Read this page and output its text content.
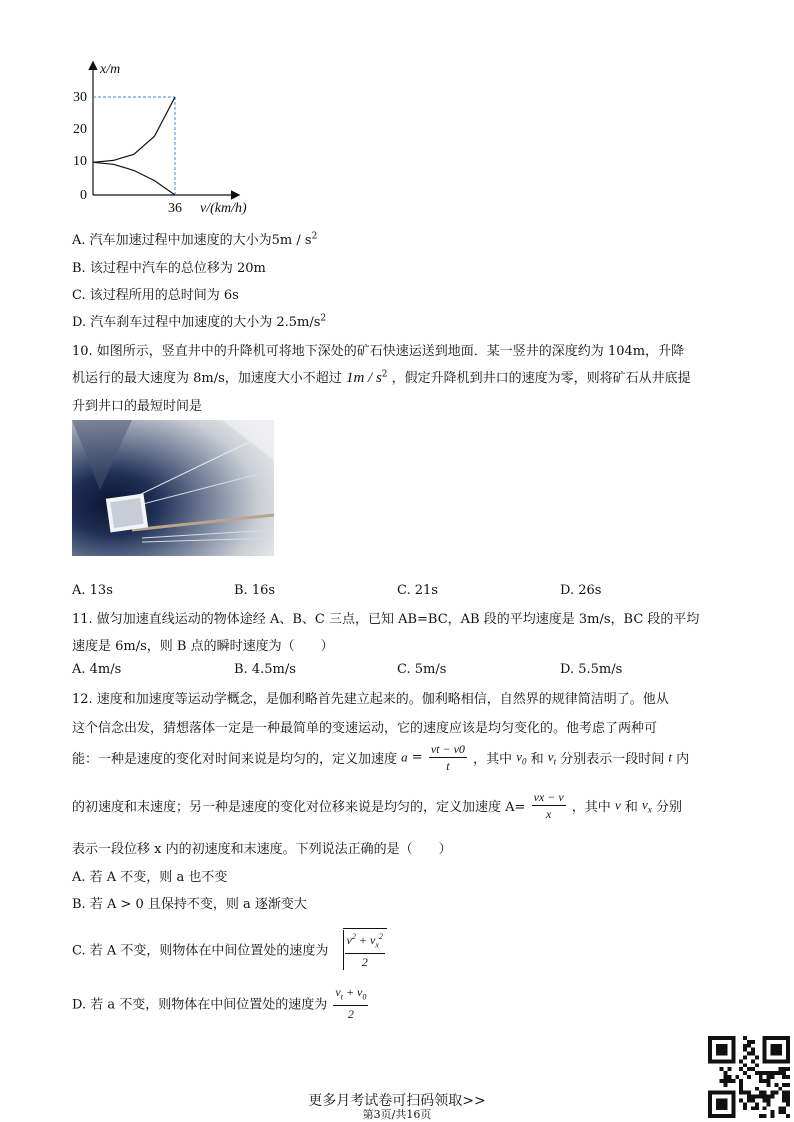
30
20
10
0
36
x/m
v/(km/h)
A. 汽车加速过程中加速度的大小为$5m / s^2$
B. 该过程中汽车的总位移为 20m
C. 该过程所用的总时间为 6s
D. 汽车刹车过程中加速度的大小为 $2.5m/s^2$
10. 如图所示，竖直井中的升降机可将地下深处的矿石快速运送到地面．某一竖井的深度约为 104m，升降
机运行的最大速度为 8m/s，加速度大小不超过 $1m / s^2$ ，假定升降机到井口的速度为零，则将矿石从井底提
升到井口的最短时间是
A. 13s	B. 16s	C. 21s	D. 26s
11. 做匀加速直线运动的物体途经 A、B、C 三点，已知 AB=BC，AB 段的平均速度是 3m/s，BC 段的平均
速度是 6m/s，则 B 点的瞬时速度为（　　）
A. 4m/s	B. 4.5m/s	C. 5m/s	D. 5.5m/s
12. 速度和加速度等运动学概念，是伽利略首先建立起来的。伽利略相信，自然界的规律简洁明了。他从
这个信念出发，猜想落体一定是一种最简单的变速运动，它的速度应该是均匀变化的。他考虑了两种可
能：一种是速度的变化对时间来说是均匀的，定义加速度 $a = \frac{vt - v0}{t}$ ，其中 $v_0$ 和 $v_t$ 分别表示一段时间 t 内
的初速度和末速度；另一种是速度的变化对位移来说是均匀的，定义加速度 $A= \frac{vx - v}{x}$ ，其中 v 和 $v_x$ 分别
表示一段位移 x 内的初速度和末速度。下列说法正确的是（　　）
A. 若 A 不变，则 a 也不变
B. 若 A > 0 且保持不变，则 a 逐渐变大
C. 若 A 不变，则物体在中间位置处的速度为 $\frac{v^2 + v_x^2}{2}$
D. 若 a 不变，则物体在中间位置处的速度为 $\frac{v_t + v_0}{2}$
更多月考试卷可扫码领取>>
第3页/共16页
